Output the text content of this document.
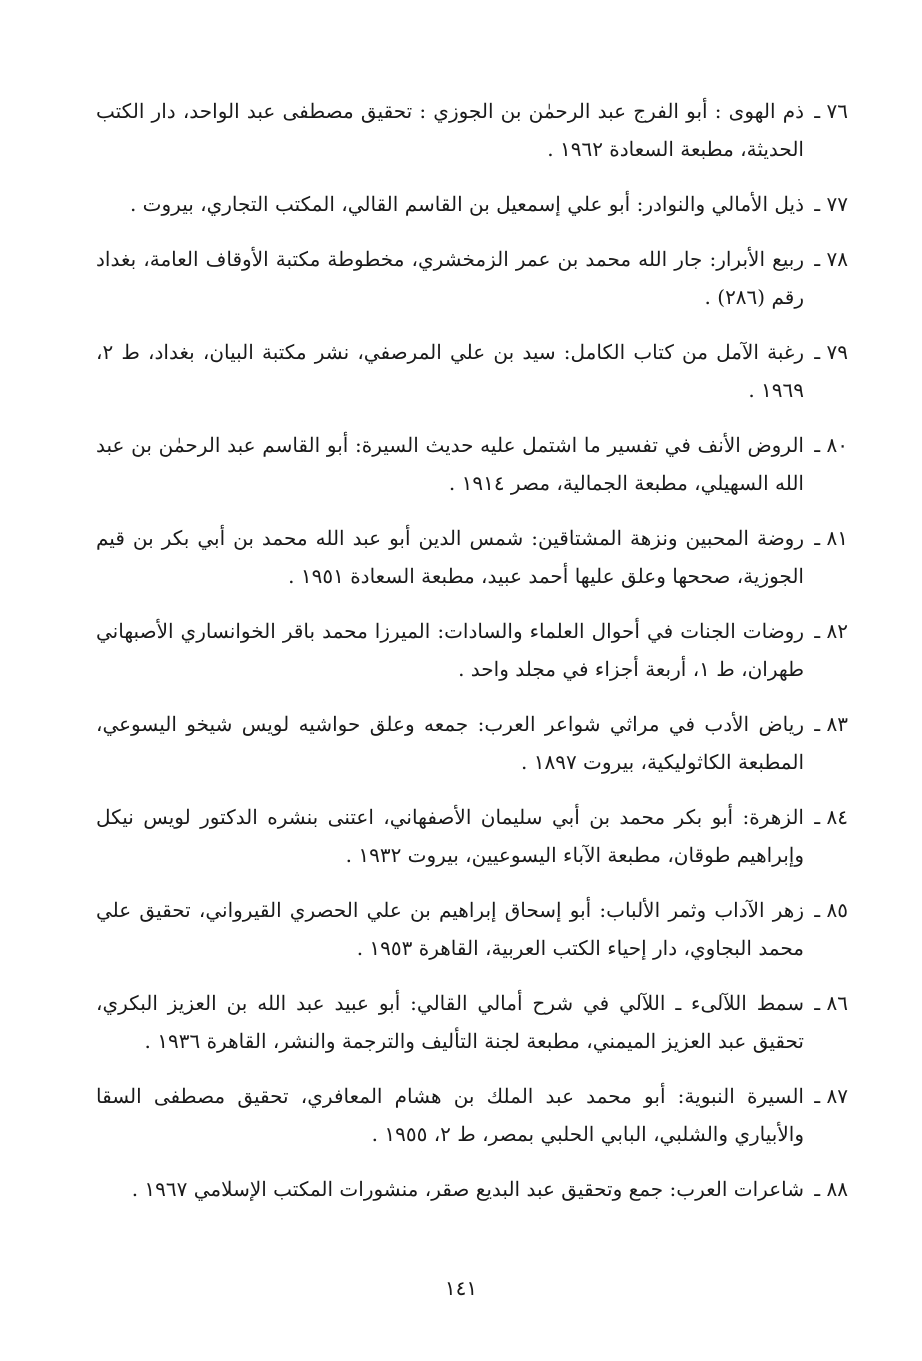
٧٦ ـ
ذم الهوى : أبو الفرج عبد الرحمٰن بن الجوزي : تحقيق مصطفى عبد الواحد، دار الكتب الحديثة، مطبعة السعادة ١٩٦٢ .
٧٧ ـ
ذيل الأمالي والنوادر: أبو علي إسمعيل بن القاسم القالي، المكتب التجاري، بيروت .
٧٨ ـ
ربيع الأبرار: جار الله محمد بن عمر الزمخشري، مخطوطة مكتبة الأوقاف العامة، بغداد رقم (٢٨٦) .
٧٩ ـ
رغبة الآمل من كتاب الكامل: سيد بن علي المرصفي، نشر مكتبة البيان، بغداد، ط ٢، ١٩٦٩ .
٨٠ ـ
الروض الأنف في تفسير ما اشتمل عليه حديث السيرة: أبو القاسم عبد الرحمٰن بن عبد الله السهيلي، مطبعة الجمالية، مصر ١٩١٤ .
٨١ ـ
روضة المحبين ونزهة المشتاقين: شمس الدين أبو عبد الله محمد بن أبي بكر بن قيم الجوزية، صححها وعلق عليها أحمد عبيد، مطبعة السعادة ١٩٥١ .
٨٢ ـ
روضات الجنات في أحوال العلماء والسادات: الميرزا محمد باقر الخوانساري الأصبهاني طهران، ط ١، أربعة أجزاء في مجلد واحد .
٨٣ ـ
رياض الأدب في مراثي شواعر العرب: جمعه وعلق حواشيه لويس شيخو اليسوعي، المطبعة الكاثوليكية، بيروت ١٨٩٧ .
٨٤ ـ
الزهرة: أبو بكر محمد بن أبي سليمان الأصفهاني، اعتنى بنشره الدكتور لويس نيكل وإبراهيم طوقان، مطبعة الآباء اليسوعيين، بيروت ١٩٣٢ .
٨٥ ـ
زهر الآداب وثمر الألباب: أبو إسحاق إبراهيم بن علي الحصري القيرواني، تحقيق علي محمد البجاوي، دار إحياء الكتب العربية، القاهرة ١٩٥٣ .
٨٦ ـ
سمط اللآلىء ـ اللآلي في شرح أمالي القالي: أبو عبيد عبد الله بن العزيز البكري، تحقيق عبد العزيز الميمني، مطبعة لجنة التأليف والترجمة والنشر، القاهرة ١٩٣٦ .
٨٧ ـ
السيرة النبوية: أبو محمد عبد الملك بن هشام المعافري، تحقيق مصطفى السقا والأبياري والشلبي، البابي الحلبي بمصر، ط ٢، ١٩٥٥ .
٨٨ ـ
شاعرات العرب: جمع وتحقيق عبد البديع صقر، منشورات المكتب الإسلامي ١٩٦٧ .
١٤١
